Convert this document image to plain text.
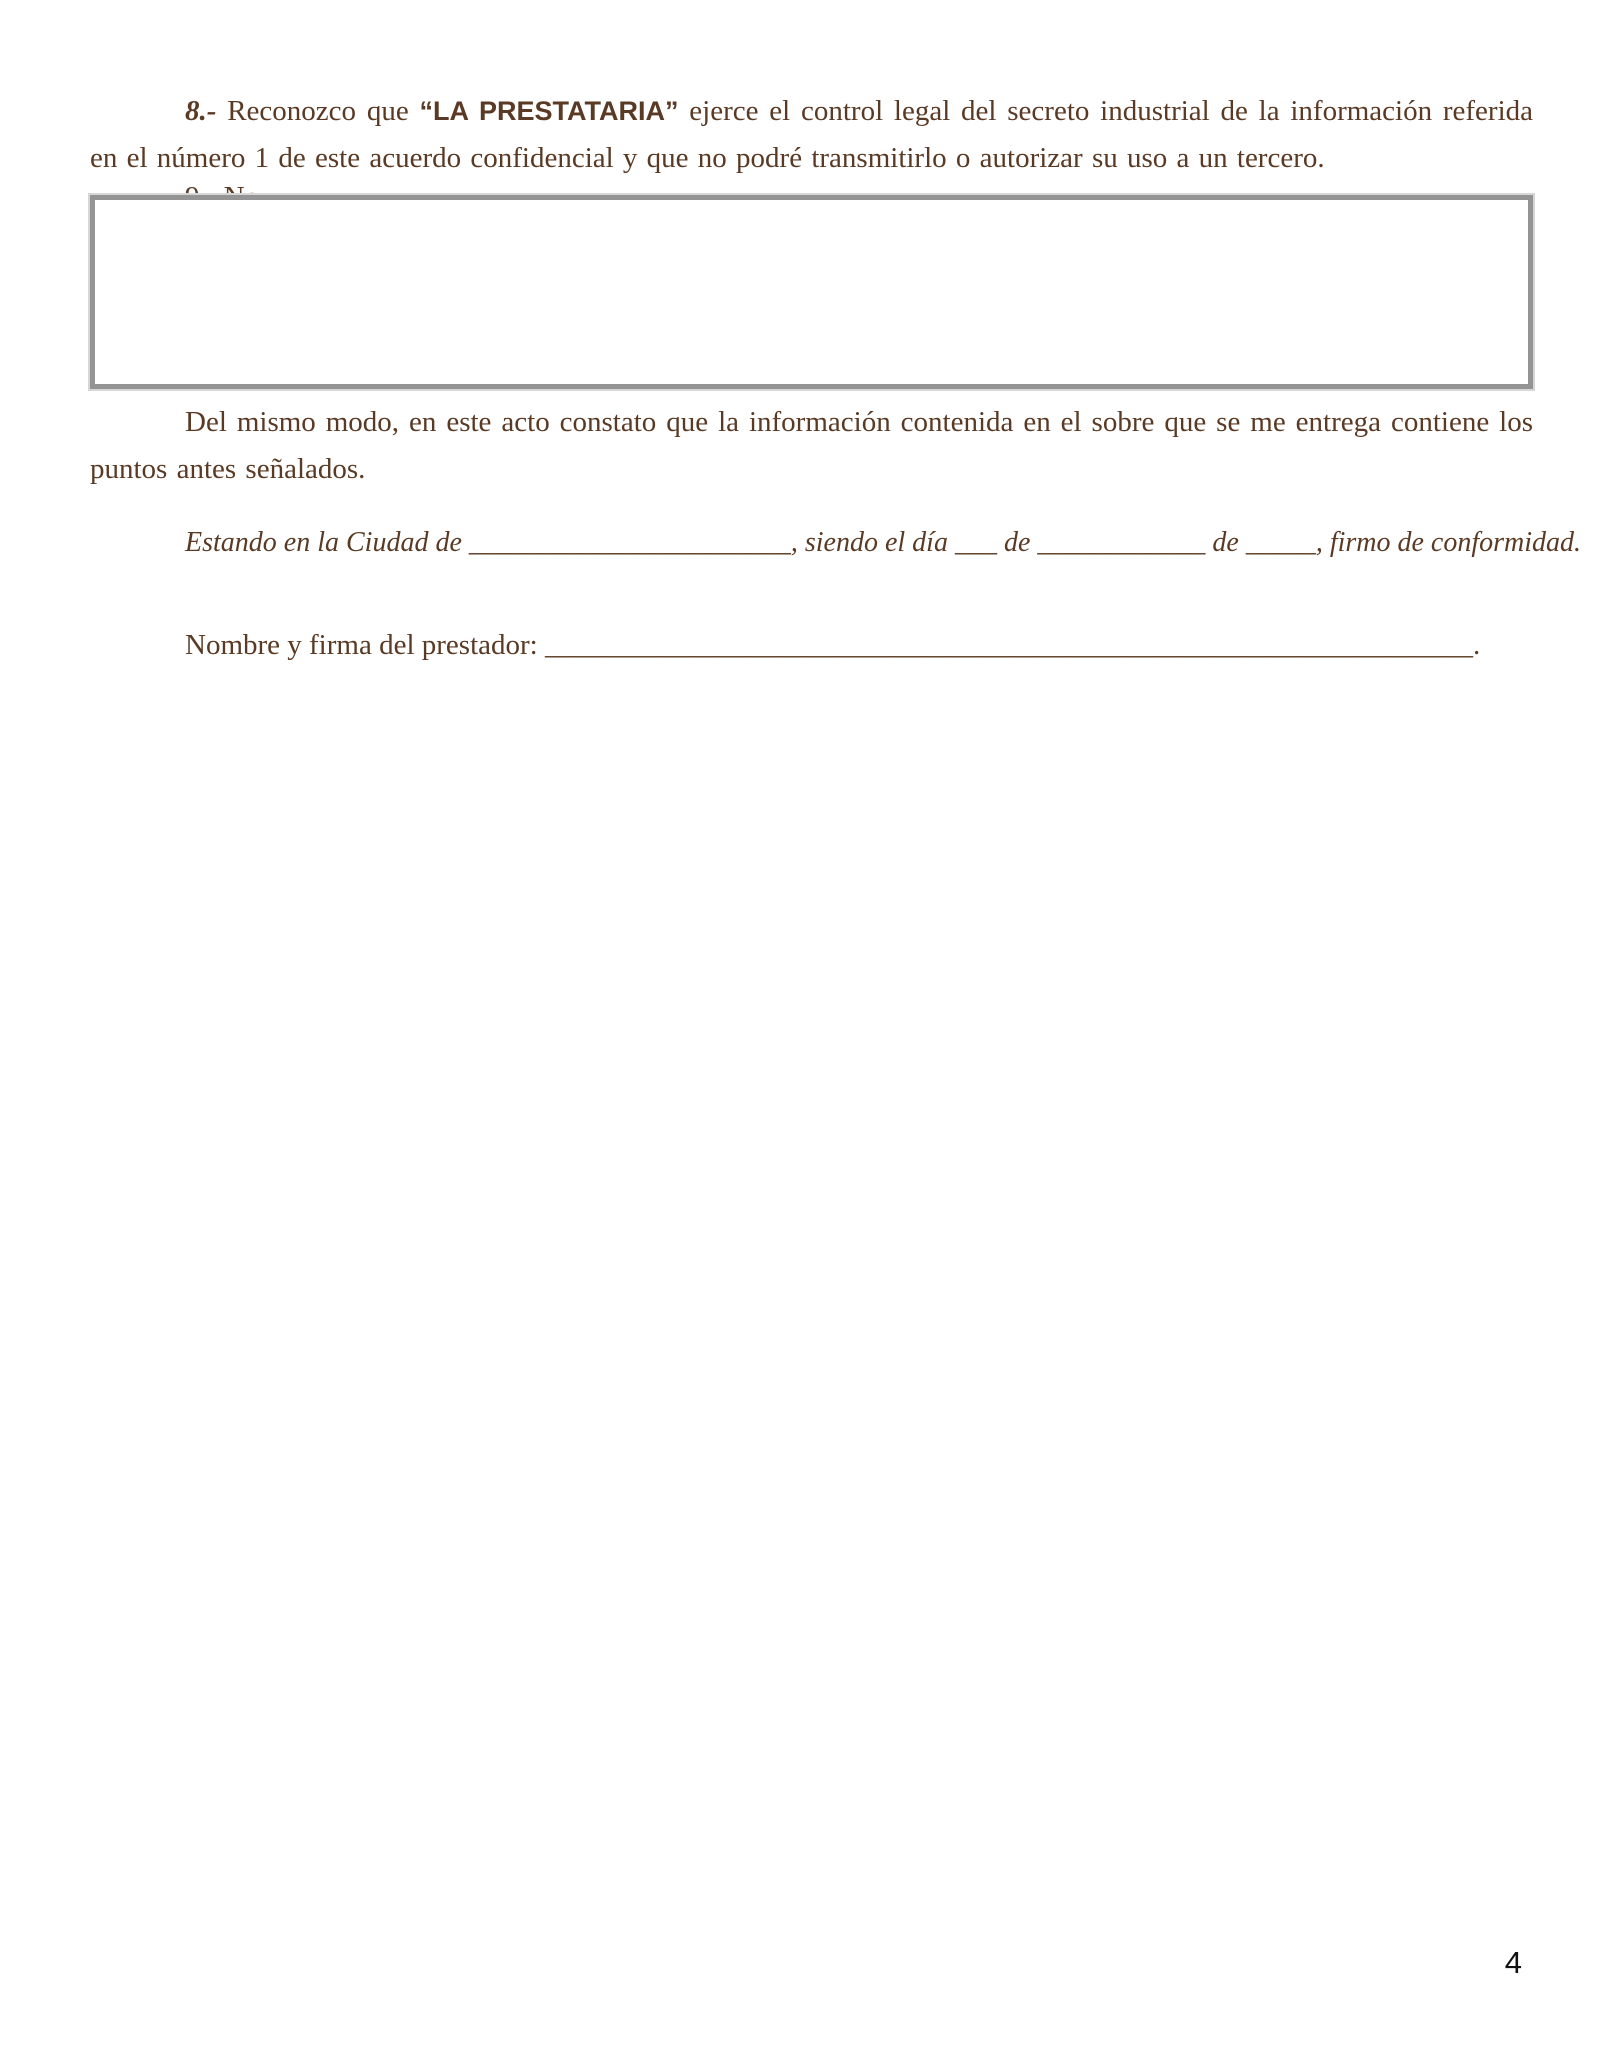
8.- Reconozco que “LA PRESTATARIA” ejerce el control legal del secreto industrial de la información referida en el número 1 de este acuerdo confidencial y que no podré transmitirlo o autorizar su uso a un tercero.

Del mismo modo, en este acto constato que la información contenida en el sobre que se me entrega contiene los puntos antes señalados.

Estando en la Ciudad de _______________________, siendo el día ___ de ____________ de _____, firmo de conformidad.

Nombre y firma del prestador: ________________________________________________________________.

4
